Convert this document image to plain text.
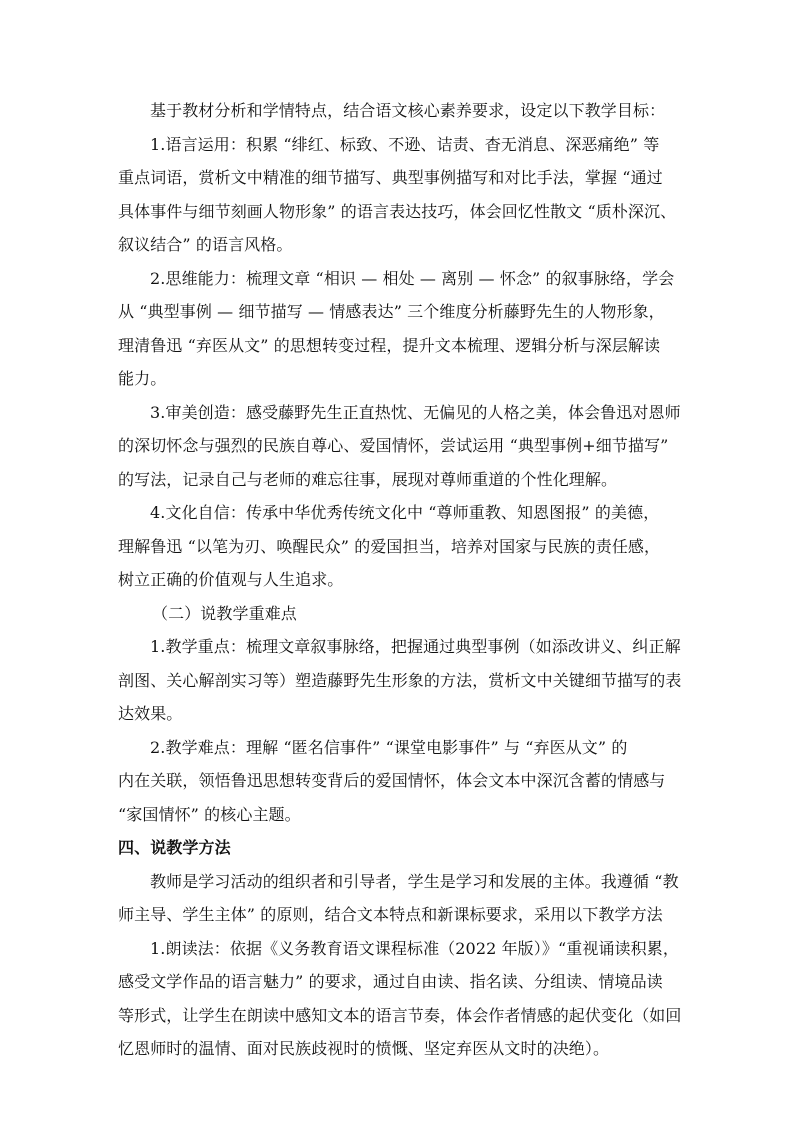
基于教材分析和学情特点，结合语文核心素养要求，设定以下教学目标：
1.语言运用：积累 “绯红、标致、不逊、诘责、杳无消息、深恶痛绝” 等
重点词语，赏析文中精准的细节描写、典型事例描写和对比手法，掌握 “通过
具体事件与细节刻画人物形象” 的语言表达技巧，体会回忆性散文 “质朴深沉、
叙议结合” 的语言风格。
2.思维能力：梳理文章 “相识 — 相处 — 离别 — 怀念” 的叙事脉络，学会
从 “典型事例 — 细节描写 — 情感表达” 三个维度分析藤野先生的人物形象，
理清鲁迅 “弃医从文” 的思想转变过程，提升文本梳理、逻辑分析与深层解读
能力。
3.审美创造：感受藤野先生正直热忱、无偏见的人格之美，体会鲁迅对恩师
的深切怀念与强烈的民族自尊心、爱国情怀，尝试运用 “典型事例+细节描写”
的写法，记录自己与老师的难忘往事，展现对尊师重道的个性化理解。
4.文化自信：传承中华优秀传统文化中 “尊师重教、知恩图报” 的美德，
理解鲁迅 “以笔为刃、唤醒民众” 的爱国担当，培养对国家与民族的责任感，
树立正确的价值观与人生追求。
（二）说教学重难点
1.教学重点：梳理文章叙事脉络，把握通过典型事例（如添改讲义、纠正解
剖图、关心解剖实习等）塑造藤野先生形象的方法，赏析文中关键细节描写的表
达效果。
2.教学难点：理解 “匿名信事件” “课堂电影事件” 与 “弃医从文” 的
内在关联，领悟鲁迅思想转变背后的爱国情怀，体会文本中深沉含蓄的情感与
“家国情怀” 的核心主题。
四、说教学方法
教师是学习活动的组织者和引导者，学生是学习和发展的主体。我遵循 “教
师主导、学生主体” 的原则，结合文本特点和新课标要求，采用以下教学方法
1.朗读法：依据《义务教育语文课程标准（2022 年版）》“重视诵读积累，
感受文学作品的语言魅力” 的要求，通过自由读、指名读、分组读、情境品读
等形式，让学生在朗读中感知文本的语言节奏，体会作者情感的起伏变化（如回
忆恩师时的温情、面对民族歧视时的愤慨、坚定弃医从文时的决绝）。
